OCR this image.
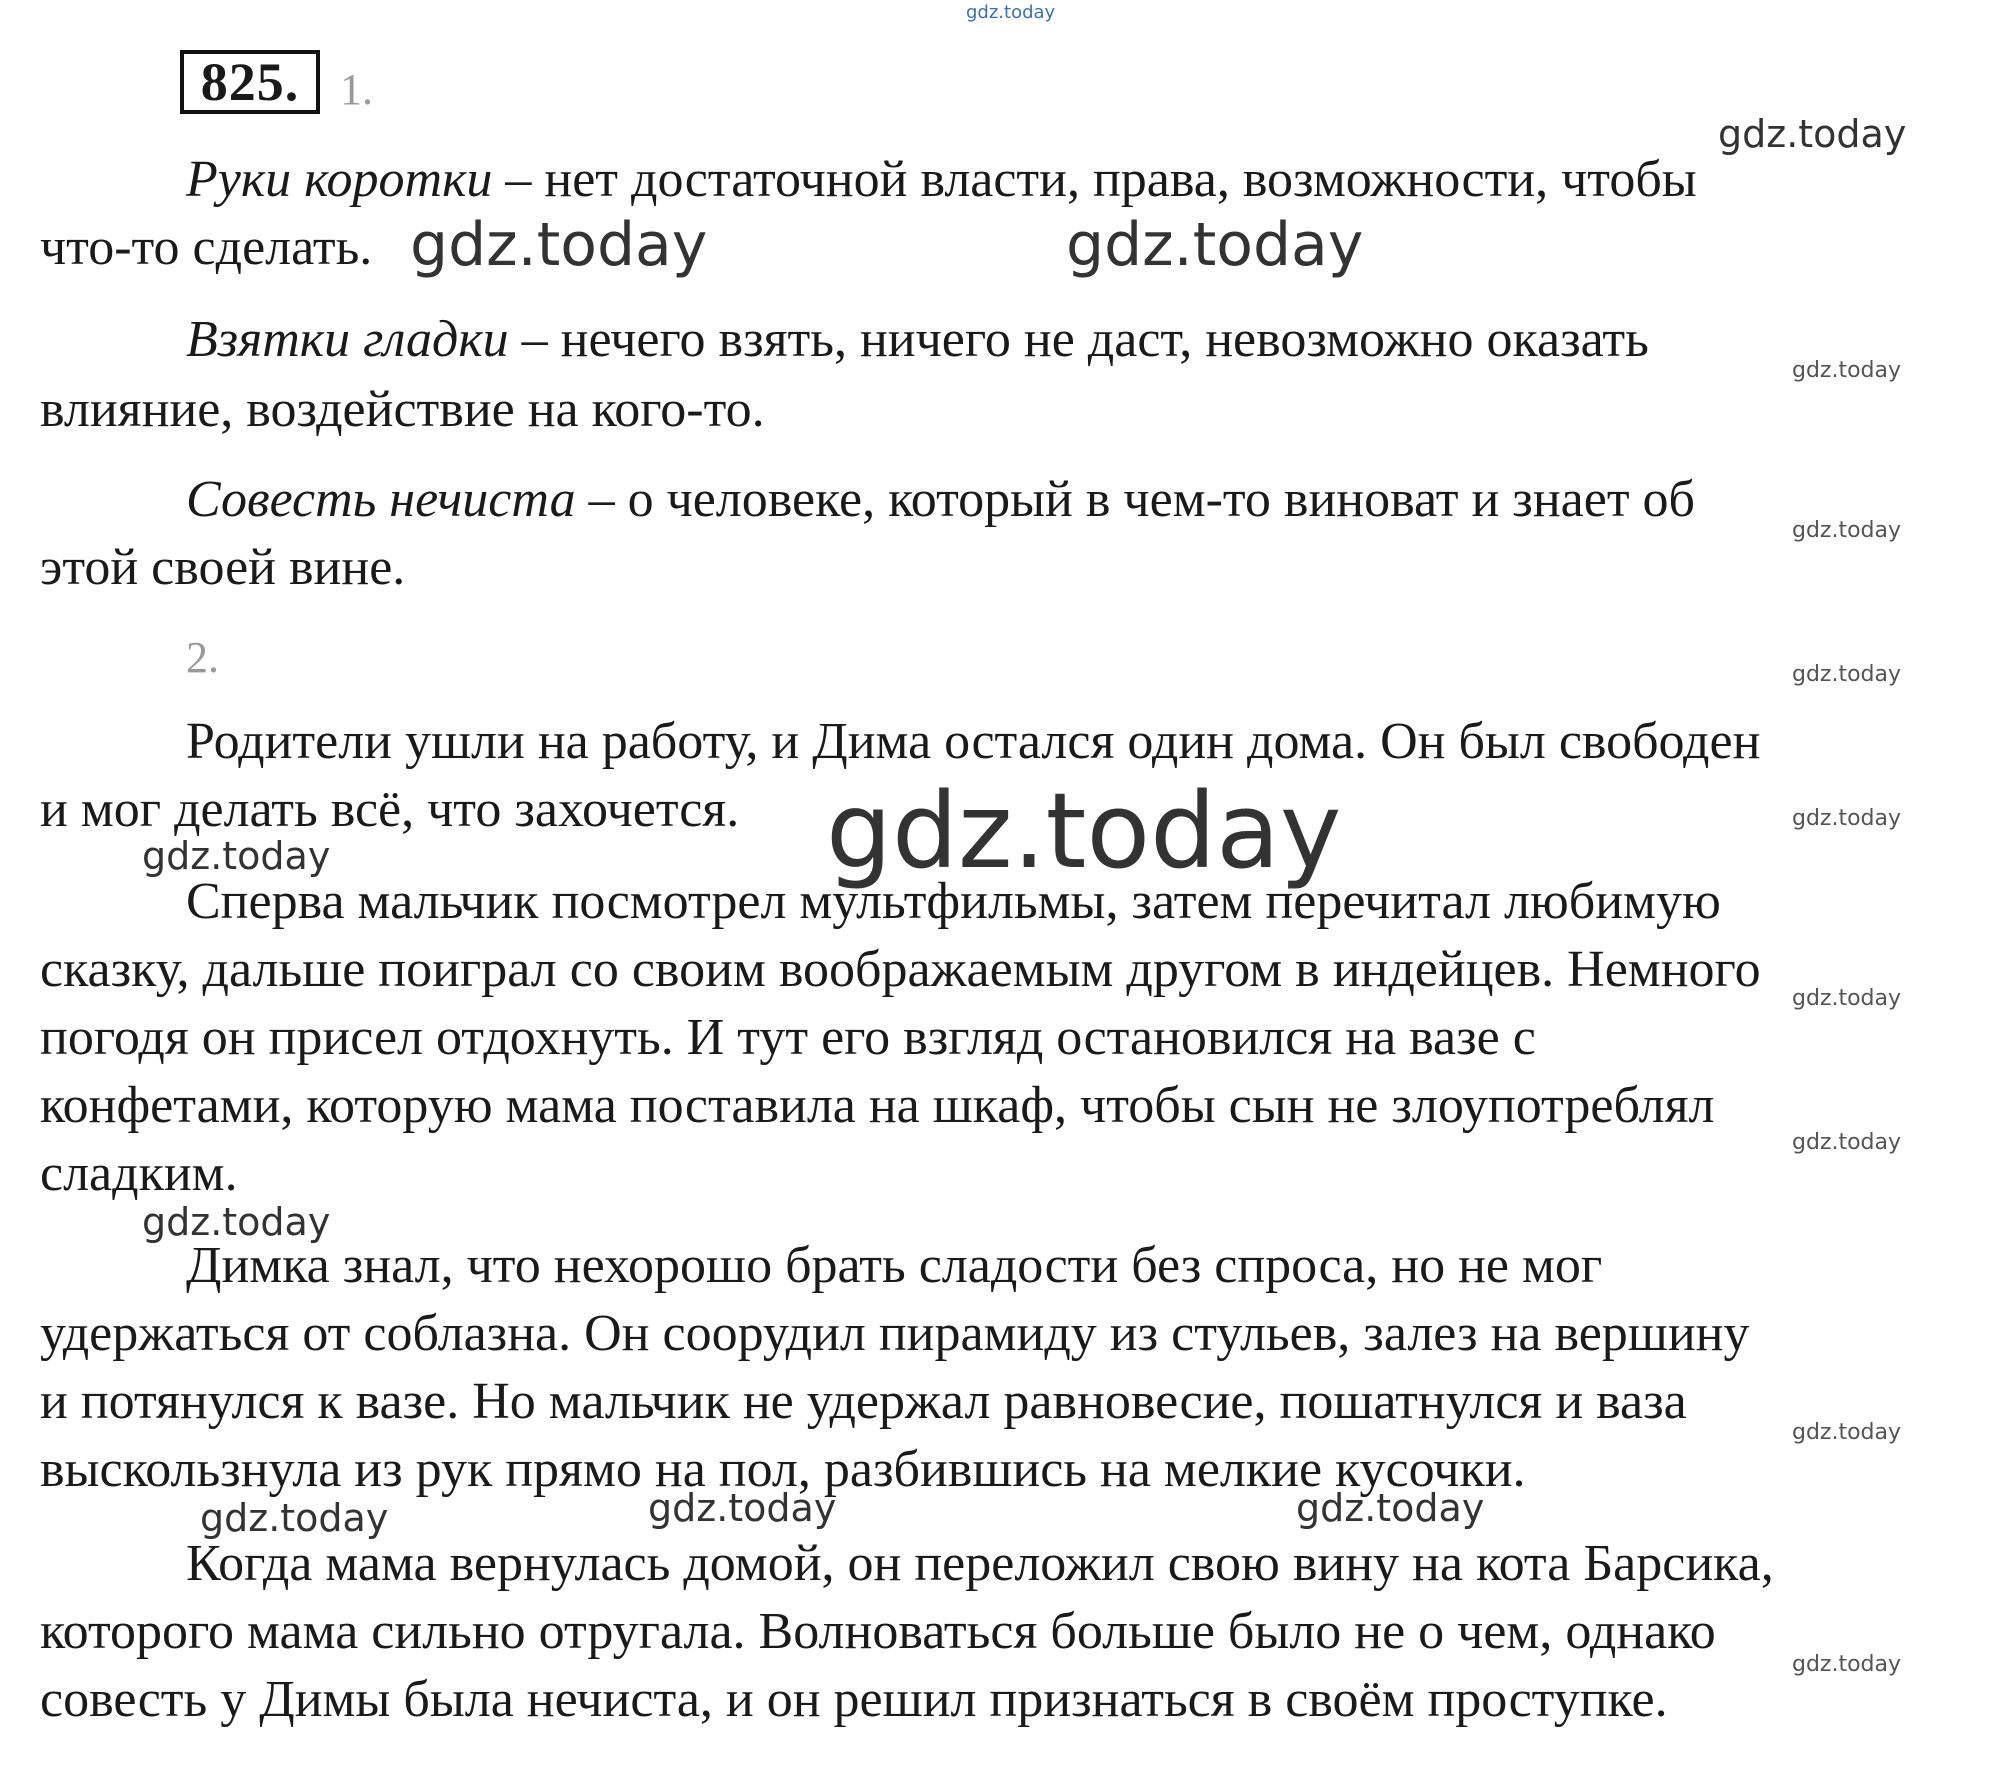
gdz.today
825. 1.
gdz.today
Руки коротки – нет достаточной власти, права, возможности, чтобы
что-то сделать. gdz.today	gdz.today
Взятки гладки – нечего взять, ничего не даст, невозможно оказать
gdz.today
влияние, воздействие на кого-то.
Совесть нечиста – о человеке, который в чем-то виноват и знает об
gdz.today
этой своей вине.
2.	gdz.today
Родители ушли на работу, и Дима остался один дома. Он был свободен
и мог делать всё, что захочется.	gdz.today
gdz.today	gdz.today
Сперва мальчик посмотрел мультфильмы, затем перечитал любимую
сказку, дальше поиграл со своим воображаемым другом в индейцев. Немного
gdz.today
погодя он присел отдохнуть. И тут его взгляд остановился на вазе с
конфетами, которую мама поставила на шкаф, чтобы сын не злоупотреблял
gdz.today
сладким.
gdz.today
Димка знал, что нехорошо брать сладости без спроса, но не мог
удержаться от соблазна. Он соорудил пирамиду из стульев, залез на вершину
и потянулся к вазе. Но мальчик не удержал равновесие, пошатнулся и ваза
gdz.today
выскользнула из рук прямо на пол, разбившись на мелкие кусочки.
gdz.today	gdz.today	gdz.today
Когда мама вернулась домой, он переложил свою вину на кота Барсика,
которого мама сильно отругала. Волноваться больше было не о чем, однако
gdz.today
совесть у Димы была нечиста, и он решил признаться в своём проступке.
